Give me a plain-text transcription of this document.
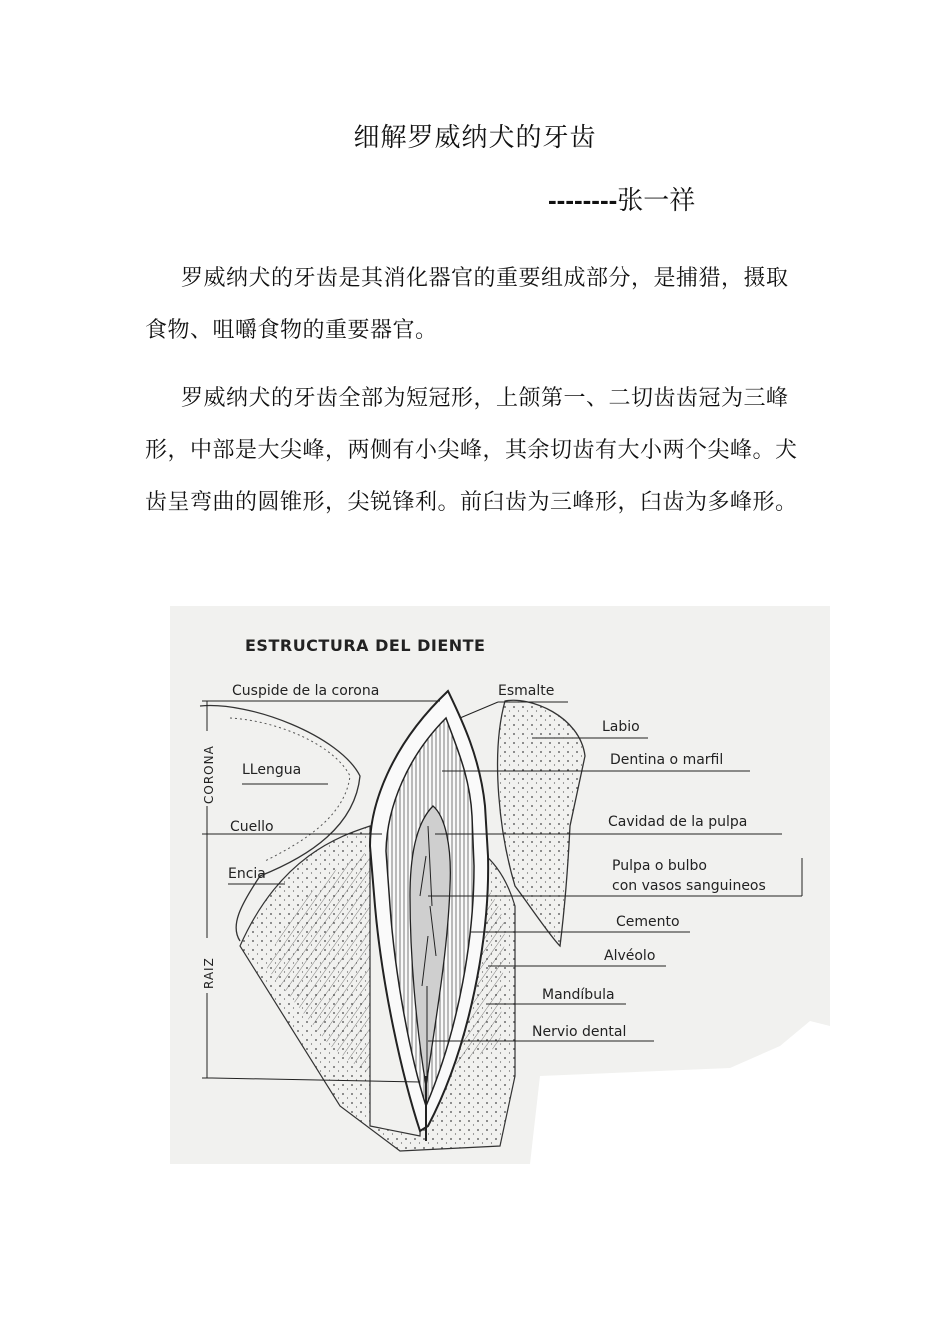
细解罗威纳犬的牙齿
--------张一祥

罗威纳犬的牙齿是其消化器官的重要组成部分，是捕猎，摄取食物、咀嚼食物的重要器官。

罗威纳犬的牙齿全部为短冠形，上颌第一、二切齿齿冠为三峰形，中部是大尖峰，两侧有小尖峰，其余切齿有大小两个尖峰。犬齿呈弯曲的圆锥形，尖锐锋利。前臼齿为三峰形，臼齿为多峰形。

ESTRUCTURA DEL DIENTE
CORONA
RAIZ
Cuspide de la corona
LLengua
Cuello
Encia
Esmalte
Labio
Dentina o marfil
Cavidad de la pulpa
Pulpa o bulbo
con vasos sanguineos
Cemento
Alvéolo
Mandíbula
Nervio dental
